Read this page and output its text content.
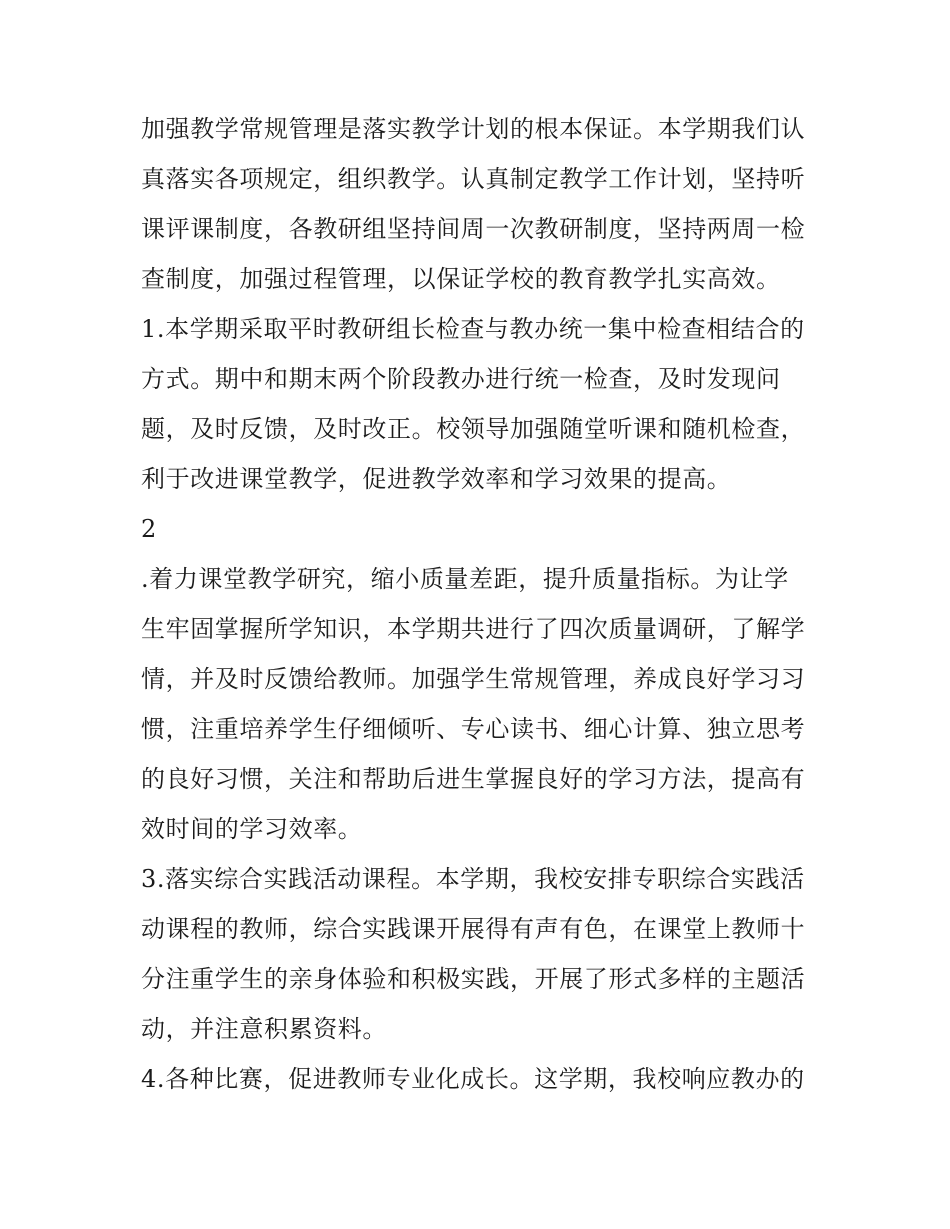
加强教学常规管理是落实教学计划的根本保证。本学期我们认
真落实各项规定，组织教学。认真制定教学工作计划，坚持听
课评课制度，各教研组坚持间周一次教研制度，坚持两周一检
查制度，加强过程管理，以保证学校的教育教学扎实高效。
1.本学期采取平时教研组长检查与教办统一集中检查相结合的
方式。期中和期末两个阶段教办进行统一检查，及时发现问
题，及时反馈，及时改正。校领导加强随堂听课和随机检查，
利于改进课堂教学，促进教学效率和学习效果的提高。
2
.着力课堂教学研究，缩小质量差距，提升质量指标。为让学
生牢固掌握所学知识，本学期共进行了四次质量调研，了解学
情，并及时反馈给教师。加强学生常规管理，养成良好学习习
惯，注重培养学生仔细倾听、专心读书、细心计算、独立思考
的良好习惯，关注和帮助后进生掌握良好的学习方法，提高有
效时间的学习效率。
3.落实综合实践活动课程。本学期，我校安排专职综合实践活
动课程的教师，综合实践课开展得有声有色，在课堂上教师十
分注重学生的亲身体验和积极实践，开展了形式多样的主题活
动，并注意积累资料。
4.各种比赛，促进教师专业化成长。这学期，我校响应教办的
